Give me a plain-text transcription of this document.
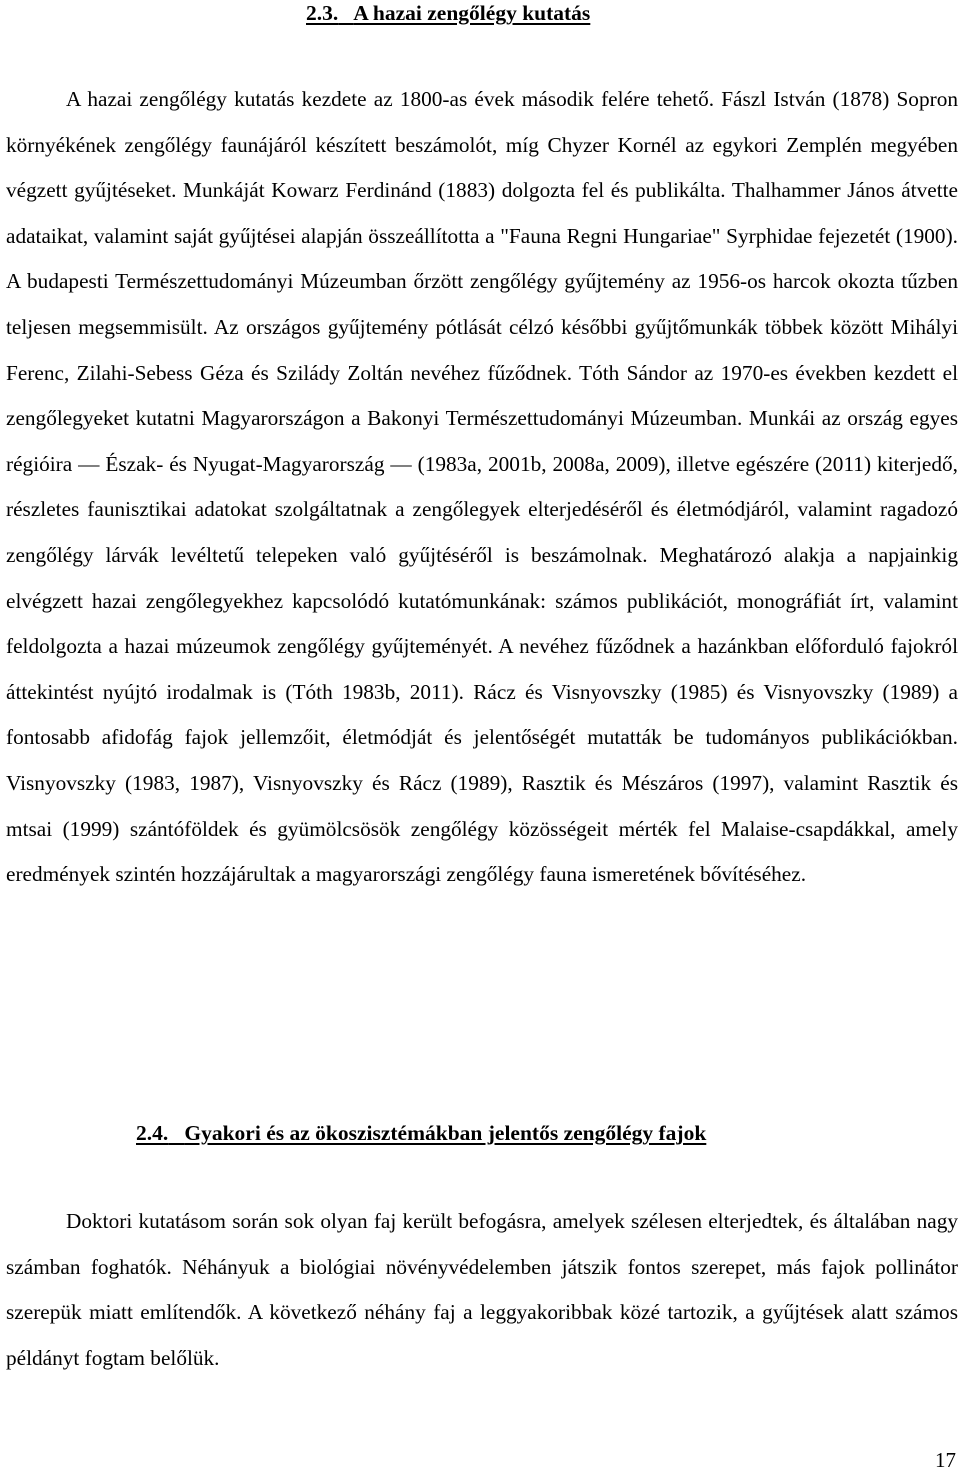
2.3. A hazai zengőlégy kutatás

A hazai zengőlégy kutatás kezdete az 1800-as évek második felére tehető. Fászl István (1878) Sopron környékének zengőlégy faunájáról készített beszámolót, míg Chyzer Kornél az egykori Zemplén megyében végzett gyűjtéseket. Munkáját Kowarz Ferdinánd (1883) dolgozta fel és publikálta. Thalhammer János átvette adataikat, valamint saját gyűjtései alapján összeállította a "Fauna Regni Hungariae" Syrphidae fejezetét (1900). A budapesti Természettudományi Múzeumban őrzött zengőlégy gyűjtemény az 1956-os harcok okozta tűzben teljesen megsemmisült. Az országos gyűjtemény pótlását célzó későbbi gyűjtőmunkák többek között Mihályi Ferenc, Zilahi-Sebess Géza és Szilády Zoltán nevéhez fűződnek. Tóth Sándor az 1970-es években kezdett el zengőlegyeket kutatni Magyarországon a Bakonyi Természettudományi Múzeumban. Munkái az ország egyes régióira — Észak- és Nyugat-Magyarország — (1983a, 2001b, 2008a, 2009), illetve egészére (2011) kiterjedő, részletes faunisztikai adatokat szolgáltatnak a zengőlegyek elterjedéséről és életmódjáról, valamint ragadozó zengőlégy lárvák levéltetű telepeken való gyűjtéséről is beszámolnak. Meghatározó alakja a napjainkig elvégzett hazai zengőlegyekhez kapcsolódó kutatómunkának: számos publikációt, monográfiát írt, valamint feldolgozta a hazai múzeumok zengőlégy gyűjteményét. A nevéhez fűződnek a hazánkban előforduló fajokról áttekintést nyújtó irodalmak is (Tóth 1983b, 2011). Rácz és Visnyovszky (1985) és Visnyovszky (1989) a fontosabb afidofág fajok jellemzőit, életmódját és jelentőségét mutatták be tudományos publikációkban. Visnyovszky (1983, 1987), Visnyovszky és Rácz (1989), Rasztik és Mészáros (1997), valamint Rasztik és mtsai (1999) szántóföldek és gyümölcsösök zengőlégy közösségeit mérték fel Malaise-csapdákkal, amely eredmények szintén hozzájárultak a magyarországi zengőlégy fauna ismeretének bővítéséhez.

2.4. Gyakori és az ökoszisztémákban jelentős zengőlégy fajok

Doktori kutatásom során sok olyan faj került befogásra, amelyek szélesen elterjedtek, és általában nagy számban foghatók. Néhányuk a biológiai növényvédelemben játszik fontos szerepet, más fajok pollinátor szerepük miatt említendők. A következő néhány faj a leggyakoribbak közé tartozik, a gyűjtések alatt számos példányt fogtam belőlük.

17
